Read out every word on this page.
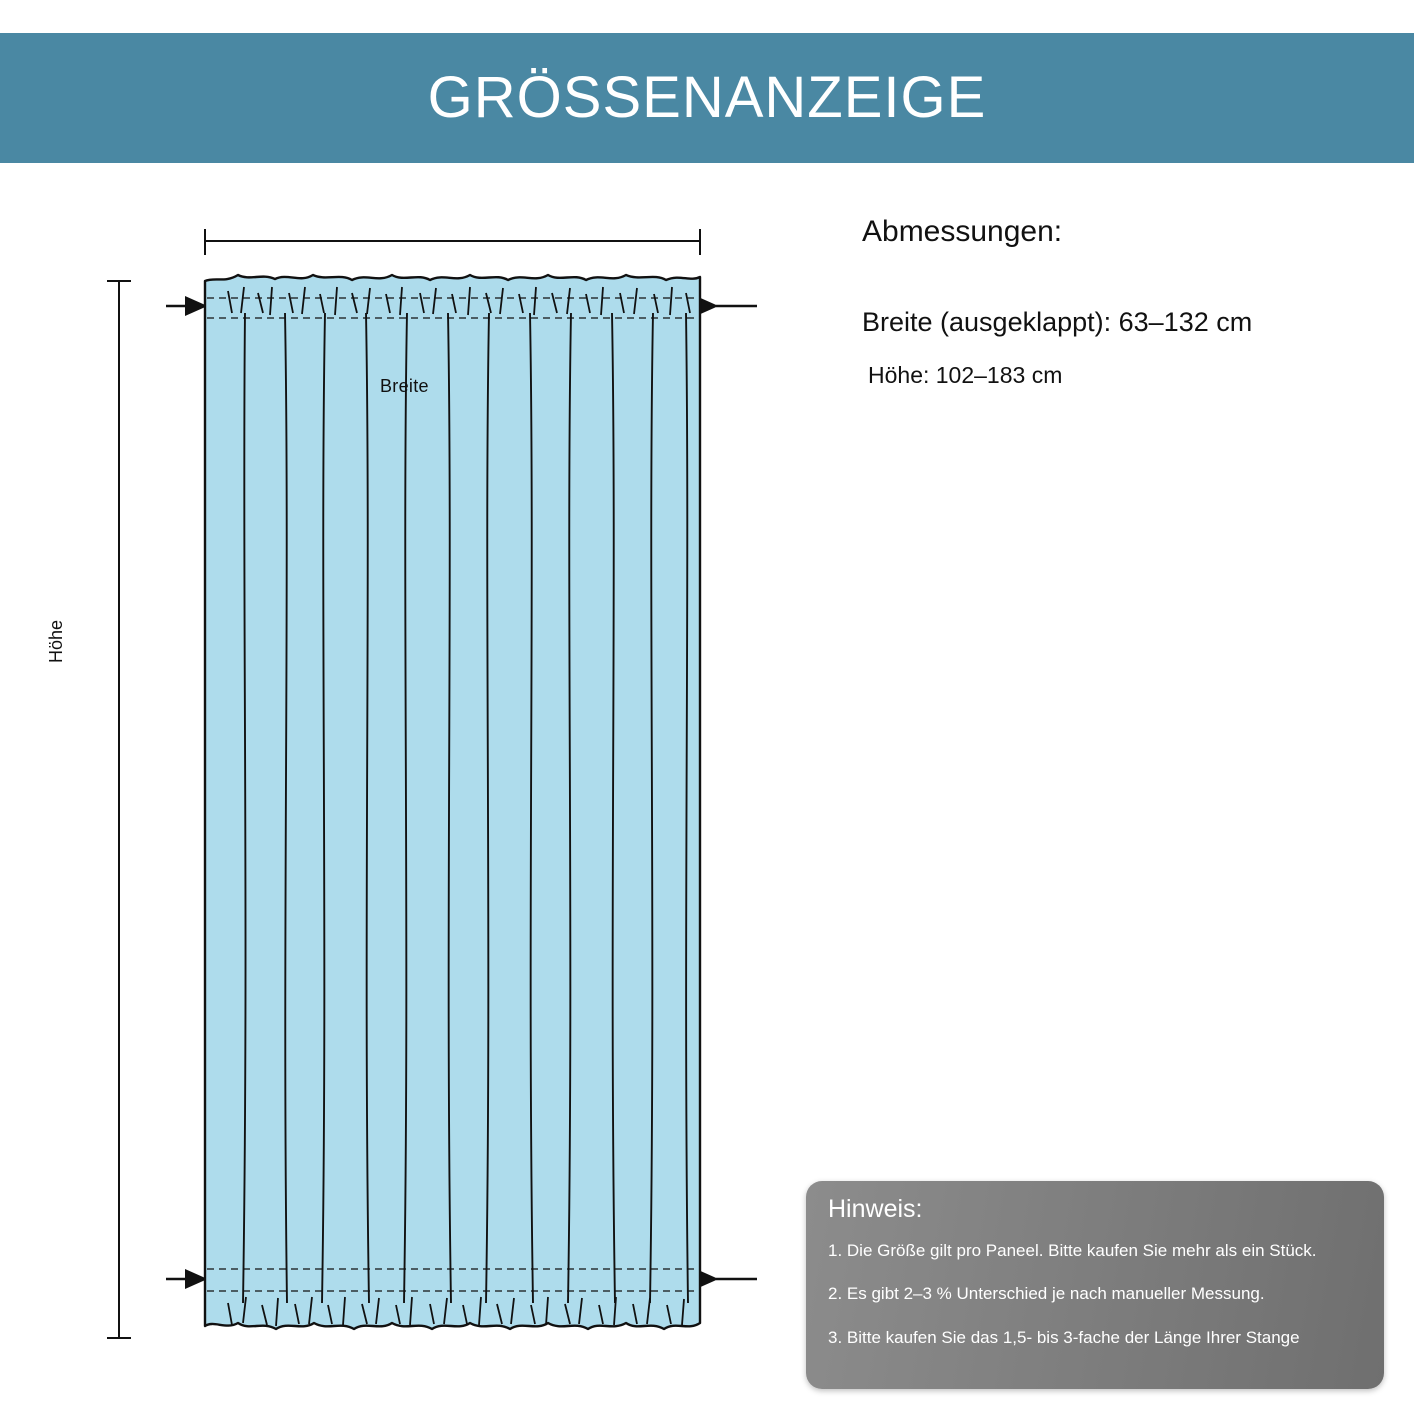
GRÖSSENANZEIGE
Breite
Höhe

Abmessungen:

Breite (ausgeklappt): 63–132 cm

Höhe: 102–183 cm

Hinweis:

1. Die Größe gilt pro Paneel. Bitte kaufen Sie mehr als ein Stück.

2. Es gibt 2–3 % Unterschied je nach manueller Messung.

3. Bitte kaufen Sie das 1,5- bis 3-fache der Länge Ihrer Stange
